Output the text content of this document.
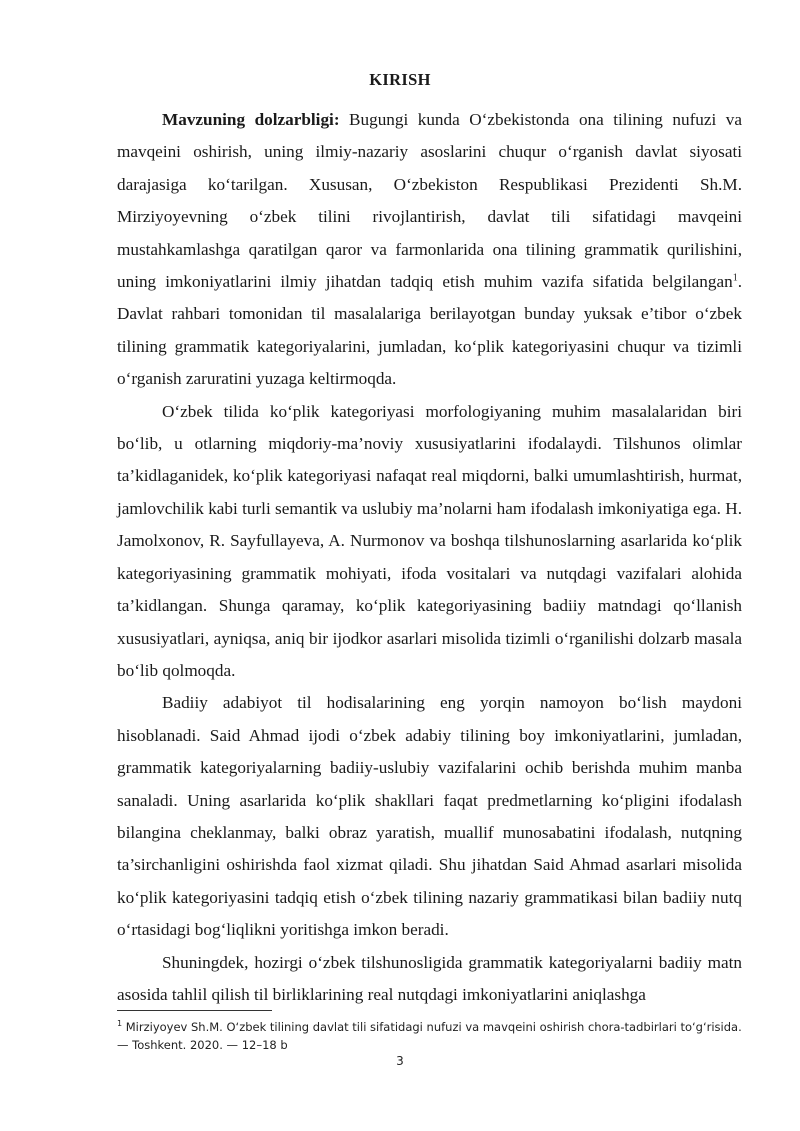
KIRISH

Mavzuning dolzarbligi: Bugungi kunda O‘zbekistonda ona tilining nufuzi va mavqeini oshirish, uning ilmiy-nazariy asoslarini chuqur o‘rganish davlat siyosati darajasiga ko‘tarilgan. Xususan, O‘zbekiston Respublikasi Prezidenti Sh.M. Mirziyoyevning o‘zbek tilini rivojlantirish, davlat tili sifatidagi mavqeini mustahkamlashga qaratilgan qaror va farmonlarida ona tilining grammatik qurilishini, uning imkoniyatlarini ilmiy jihatdan tadqiq etish muhim vazifa sifatida belgilangan$^1$. Davlat rahbari tomonidan til masalalariga berilayotgan bunday yuksak e’tibor o‘zbek tilining grammatik kategoriyalarini, jumladan, ko‘plik kategoriyasini chuqur va tizimli o‘rganish zaruratini yuzaga keltirmoqda.

O‘zbek tilida ko‘plik kategoriyasi morfologiyaning muhim masalalaridan biri bo‘lib, u otlarning miqdoriy-ma’noviy xususiyatlarini ifodalaydi. Tilshunos olimlar ta’kidlaganidek, ko‘plik kategoriyasi nafaqat real miqdorni, balki umumlashtirish, hurmat, jamlovchilik kabi turli semantik va uslubiy ma’nolarni ham ifodalash imkoniyatiga ega. H. Jamolxonov, R. Sayfullayeva, A. Nurmonov va boshqa tilshunoslarning asarlarida ko‘plik kategoriyasining grammatik mohiyati, ifoda vositalari va nutqdagi vazifalari alohida ta’kidlangan. Shunga qaramay, ko‘plik kategoriyasining badiiy matndagi qo‘llanish xususiyatlari, ayniqsa, aniq bir ijodkor asarlari misolida tizimli o‘rganilishi dolzarb masala bo‘lib qolmoqda.

Badiiy adabiyot til hodisalarining eng yorqin namoyon bo‘lish maydoni hisoblanadi. Said Ahmad ijodi o‘zbek adabiy tilining boy imkoniyatlarini, jumladan, grammatik kategoriyalarning badiiy-uslubiy vazifalarini ochib berishda muhim manba sanaladi. Uning asarlarida ko‘plik shakllari faqat predmetlarning ko‘pligini ifodalash bilangina cheklanmay, balki obraz yaratish, muallif munosabatini ifodalash, nutqning ta’sirchanligini oshirishda faol xizmat qiladi. Shu jihatdan Said Ahmad asarlari misolida ko‘plik kategoriyasini tadqiq etish o‘zbek tilining nazariy grammatikasi bilan badiiy nutq o‘rtasidagi bog‘liqlikni yoritishga imkon beradi.

Shuningdek, hozirgi o‘zbek tilshunosligida grammatik kategoriyalarni badiiy matn asosida tahlil qilish til birliklarining real nutqdagi imkoniyatlarini aniqlashga

$^1$ Mirziyoyev Sh.M. O‘zbek tilining davlat tili sifatidagi nufuzi va mavqeini oshirish chora-tadbirlari to‘g‘risida. — Toshkent. 2020. — 12–18 b
3
